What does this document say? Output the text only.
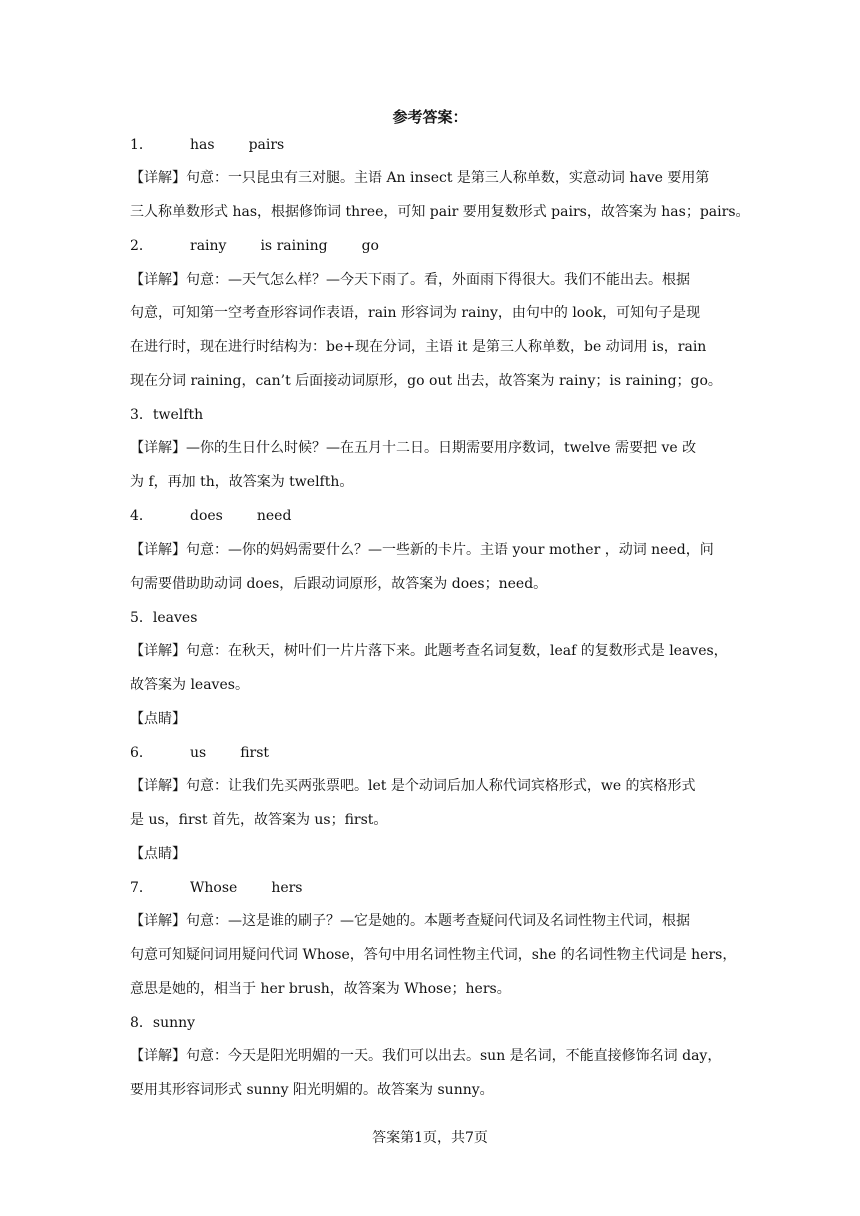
参考答案：
1．	has pairs
【详解】句意：一只昆虫有三对腿。主语 An insect 是第三人称单数，实意动词 have 要用第
三人称单数形式 has，根据修饰词 three，可知 pair 要用复数形式 pairs，故答案为 has；pairs。
2．	rainy is raining go
【详解】句意：—天气怎么样？—今天下雨了。看，外面雨下得很大。我们不能出去。根据
句意，可知第一空考查形容词作表语，rain 形容词为 rainy，由句中的 look，可知句子是现
在进行时，现在进行时结构为：be+现在分词，主语 it 是第三人称单数，be 动词用 is，rain
现在分词 raining，can’t 后面接动词原形，go out 出去，故答案为 rainy；is raining；go。
3．twelfth
【详解】—你的生日什么时候？—在五月十二日。日期需要用序数词，twelve 需要把 ve 改
为 f，再加 th，故答案为 twelfth。
4．	does need
【详解】句意：—你的妈妈需要什么？—一些新的卡片。主语 your mother ，动词 need，问
句需要借助助动词 does，后跟动词原形，故答案为 does；need。
5．leaves
【详解】句意：在秋天，树叶们一片片落下来。此题考查名词复数，leaf 的复数形式是 leaves，
故答案为 leaves。
【点睛】
6．	us first
【详解】句意：让我们先买两张票吧。let 是个动词后加人称代词宾格形式，we 的宾格形式
是 us，first 首先，故答案为 us；first。
【点睛】
7．	Whose hers
【详解】句意：—这是谁的刷子？—它是她的。本题考查疑问代词及名词性物主代词，根据
句意可知疑问词用疑问代词 Whose，答句中用名词性物主代词，she 的名词性物主代词是 hers，
意思是她的，相当于 her brush，故答案为 Whose；hers。
8．sunny
【详解】句意：今天是阳光明媚的一天。我们可以出去。sun 是名词，不能直接修饰名词 day，
要用其形容词形式 sunny 阳光明媚的。故答案为 sunny。
答案第1页，共7页
